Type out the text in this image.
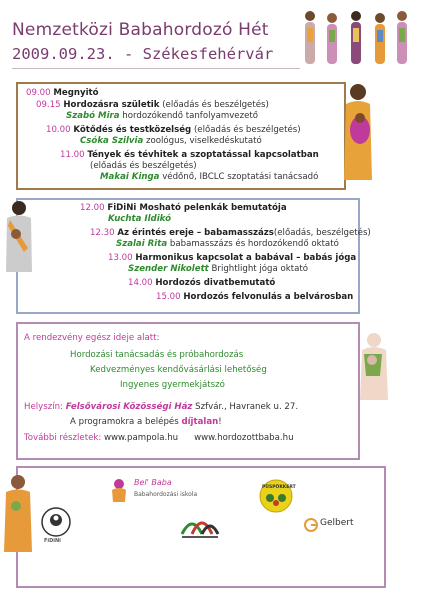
Nemzetközi Babahordozó Hét
2009.09.23. - Székesfehérvár
09.00 Megnyitó
09.15 Hordozásra születik (előadás és beszélgetés)
Szabó Mira hordozókendő tanfolyamvezető
10.00 Kötődés és testközelség (előadás és beszélgetés)
Csóka Szilvia zoológus, viselkedéskutató
11.00 Tények és tévhitek a szoptatással kapcsolatban
(előadás és beszélgetés)
Makai Kinga védőnő, IBCLC szoptatási tanácsadó
12.00 FiDiNi Mosható pelenkák bemutatója
Kuchta Ildikó
12.30 Az érintés ereje – babamasszázs(előadás, beszélgetés)
Szalai Rita babamasszázs és hordozókendő oktató
13.00 Harmonikus kapcsolat a babával – babás jóga
Szender Nikolett Brightlight jóga oktató
14.00 Hordozós divatbemutató
15.00 Hordozós felvonulás a belvárosban
A rendezvény egész ideje alatt:
Hordozási tanácsadás és próbahordozás
Kedvezményes kendővásárlási lehetőség
Ingyenes gyermekjátszó
Helyszín: Felsővárosi Közösségi Ház Szfvár., Havranek u. 27.
A programokra a belépés díjtalan!
További részletek: www.pampola.hu www.hordozottbaba.hu
Bel' Baba
Babahordozási iskola
FiDiNi
PÜSPÖKKERT
Gelbert
